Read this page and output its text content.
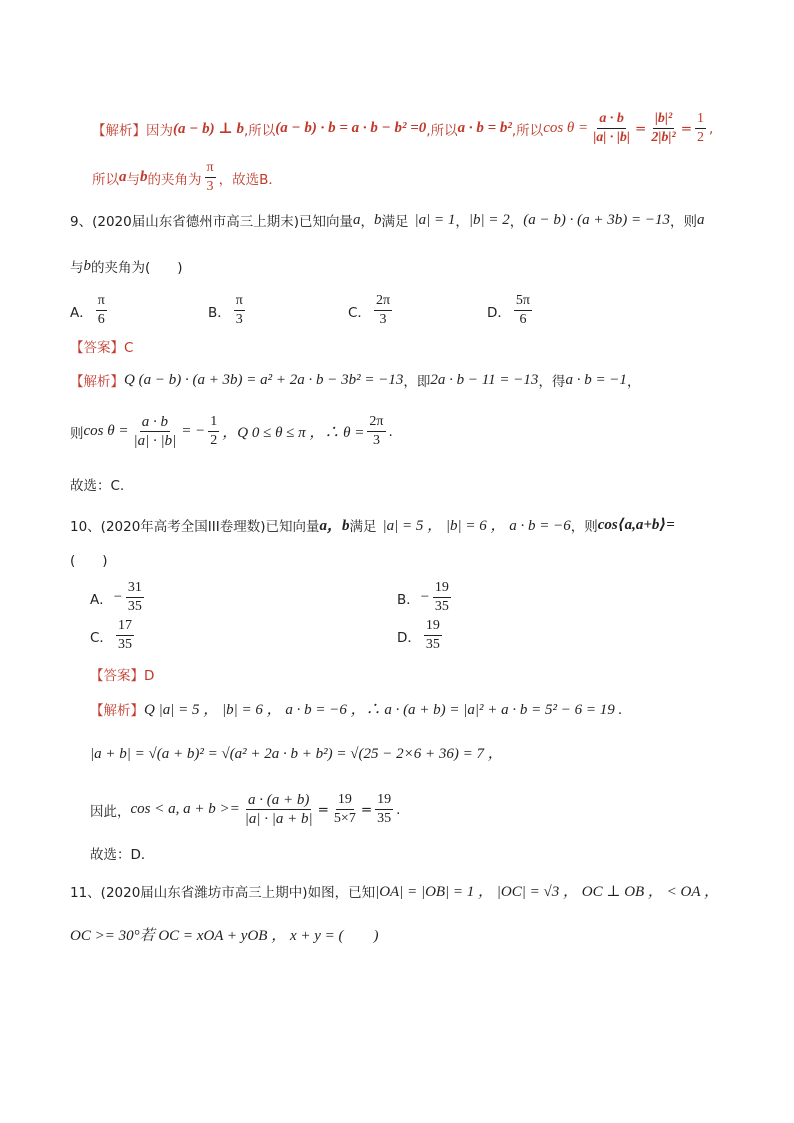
【解析】 因为 (a − b) ⊥ b ,所以 (a − b) · b = a · b − b² =0 ,所以 a · b = b² ,所以 $\cos \theta = \frac{a \cdot b}{|a| \cdot |b|} = \frac{\text{|b|²}}{\text{2|b|²}} = \frac{1}{2}$ ,
所以 a 与 b 的夹角为
π
3 ，故选B．
9、(2020届山东省德州市高三上期末)已知向量 a ， b 满足 |a| = 1 ， |b| = 2 ， (a − b) · (a + 3b) = −13 ，则 a
与 b 的夹角为(　　)
A．
π
6	B．
π
3	C．
2π
3	D．
5π
6
【答案】C
【解析】 Q (a − b) · (a + 3b) = a² + 2a · b − 3b² = −13 ，即 2a · b − 11 = −13 ，得 a · b = −1 ，
则 $\cos \theta = \frac{a \cdot b}{|a| \cdot |b|}$ = − $\frac{1}{2}$ ，Q 0 ≤ θ ≤ π ，∴ $\theta = \frac{2\pi}{3}$ .
故选：C.
10、(2020年高考全国III卷理数)已知向量 a，b 满足 |a| = 5 ， |b| = 6 ， a · b = −6 ，则 cos⟨a,a+b⟩=
(　　)
A． − $\frac{31}{35}$	B． − $\frac{19}{35}$
C．
17
35	D．
19
35
【答案】D
【解析】 Q |a| = 5 ， |b| = 6 ， a · b = −6 ，∴ a · (a + b) = |a|² + a · b = 5² − 6 = 19 .
|a + b| = √(a + b)² = √(a² + 2a · b + b²) = √(25 − 2×6 + 36) = 7 ，
因此， cos < a, $a + b >= \frac{a \cdot (a + b)}{|a| \cdot |a + b|} = \frac{19}{5\times 7} = \frac{19}{35}$ .
故选：D．
11、(2020届山东省潍坊市高三上期中)如图，已知 |OA| = |OB| = 1 ， |OC| = √3 ， OC ⊥ OB ， < OA ，
OC >= 30°若 OC = xOA + yOB ， x + y = (　　)
